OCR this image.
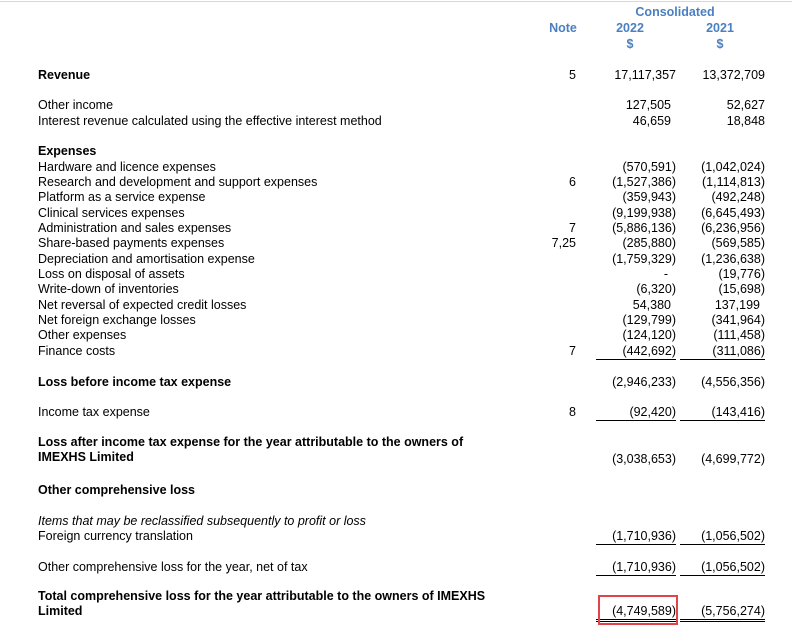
Consolidated
Note	2022	2021
$	$
Revenue	5	17,117,357	13,372,709
Other income	127,505	52,627
Interest revenue calculated using the effective interest method	46,659	18,848
Expenses
Hardware and licence expenses	(570,591)	(1,042,024)
Research and development and support expenses	6	(1,527,386)	(1,114,813)
Platform as a service expense	(359,943)	(492,248)
Clinical services expenses	(9,199,938)	(6,645,493)
Administration and sales expenses	7	(5,886,136)	(6,236,956)
Share-based payments expenses	7,25	(285,880)	(569,585)
Depreciation and amortisation expense	(1,759,329)	(1,236,638)
Loss on disposal of assets	-	(19,776)
Write-down of inventories	(6,320)	(15,698)
Net reversal of expected credit losses	54,380	137,199
Net foreign exchange losses	(129,799)	(341,964)
Other expenses	(124,120)	(111,458)
Finance costs	7	(442,692)	(311,086)
Loss before income tax expense	(2,946,233)	(4,556,356)
Income tax expense	8	(92,420)	(143,416)
Loss after income tax expense for the year attributable to the owners of IMEXHS Limited	(3,038,653)	(4,699,772)
Other comprehensive loss
Items that may be reclassified subsequently to profit or loss
Foreign currency translation	(1,710,936)	(1,056,502)
Other comprehensive loss for the year, net of tax	(1,710,936)	(1,056,502)
Total comprehensive loss for the year attributable to the owners of IMEXHS Limited	(4,749,589)	(5,756,274)
